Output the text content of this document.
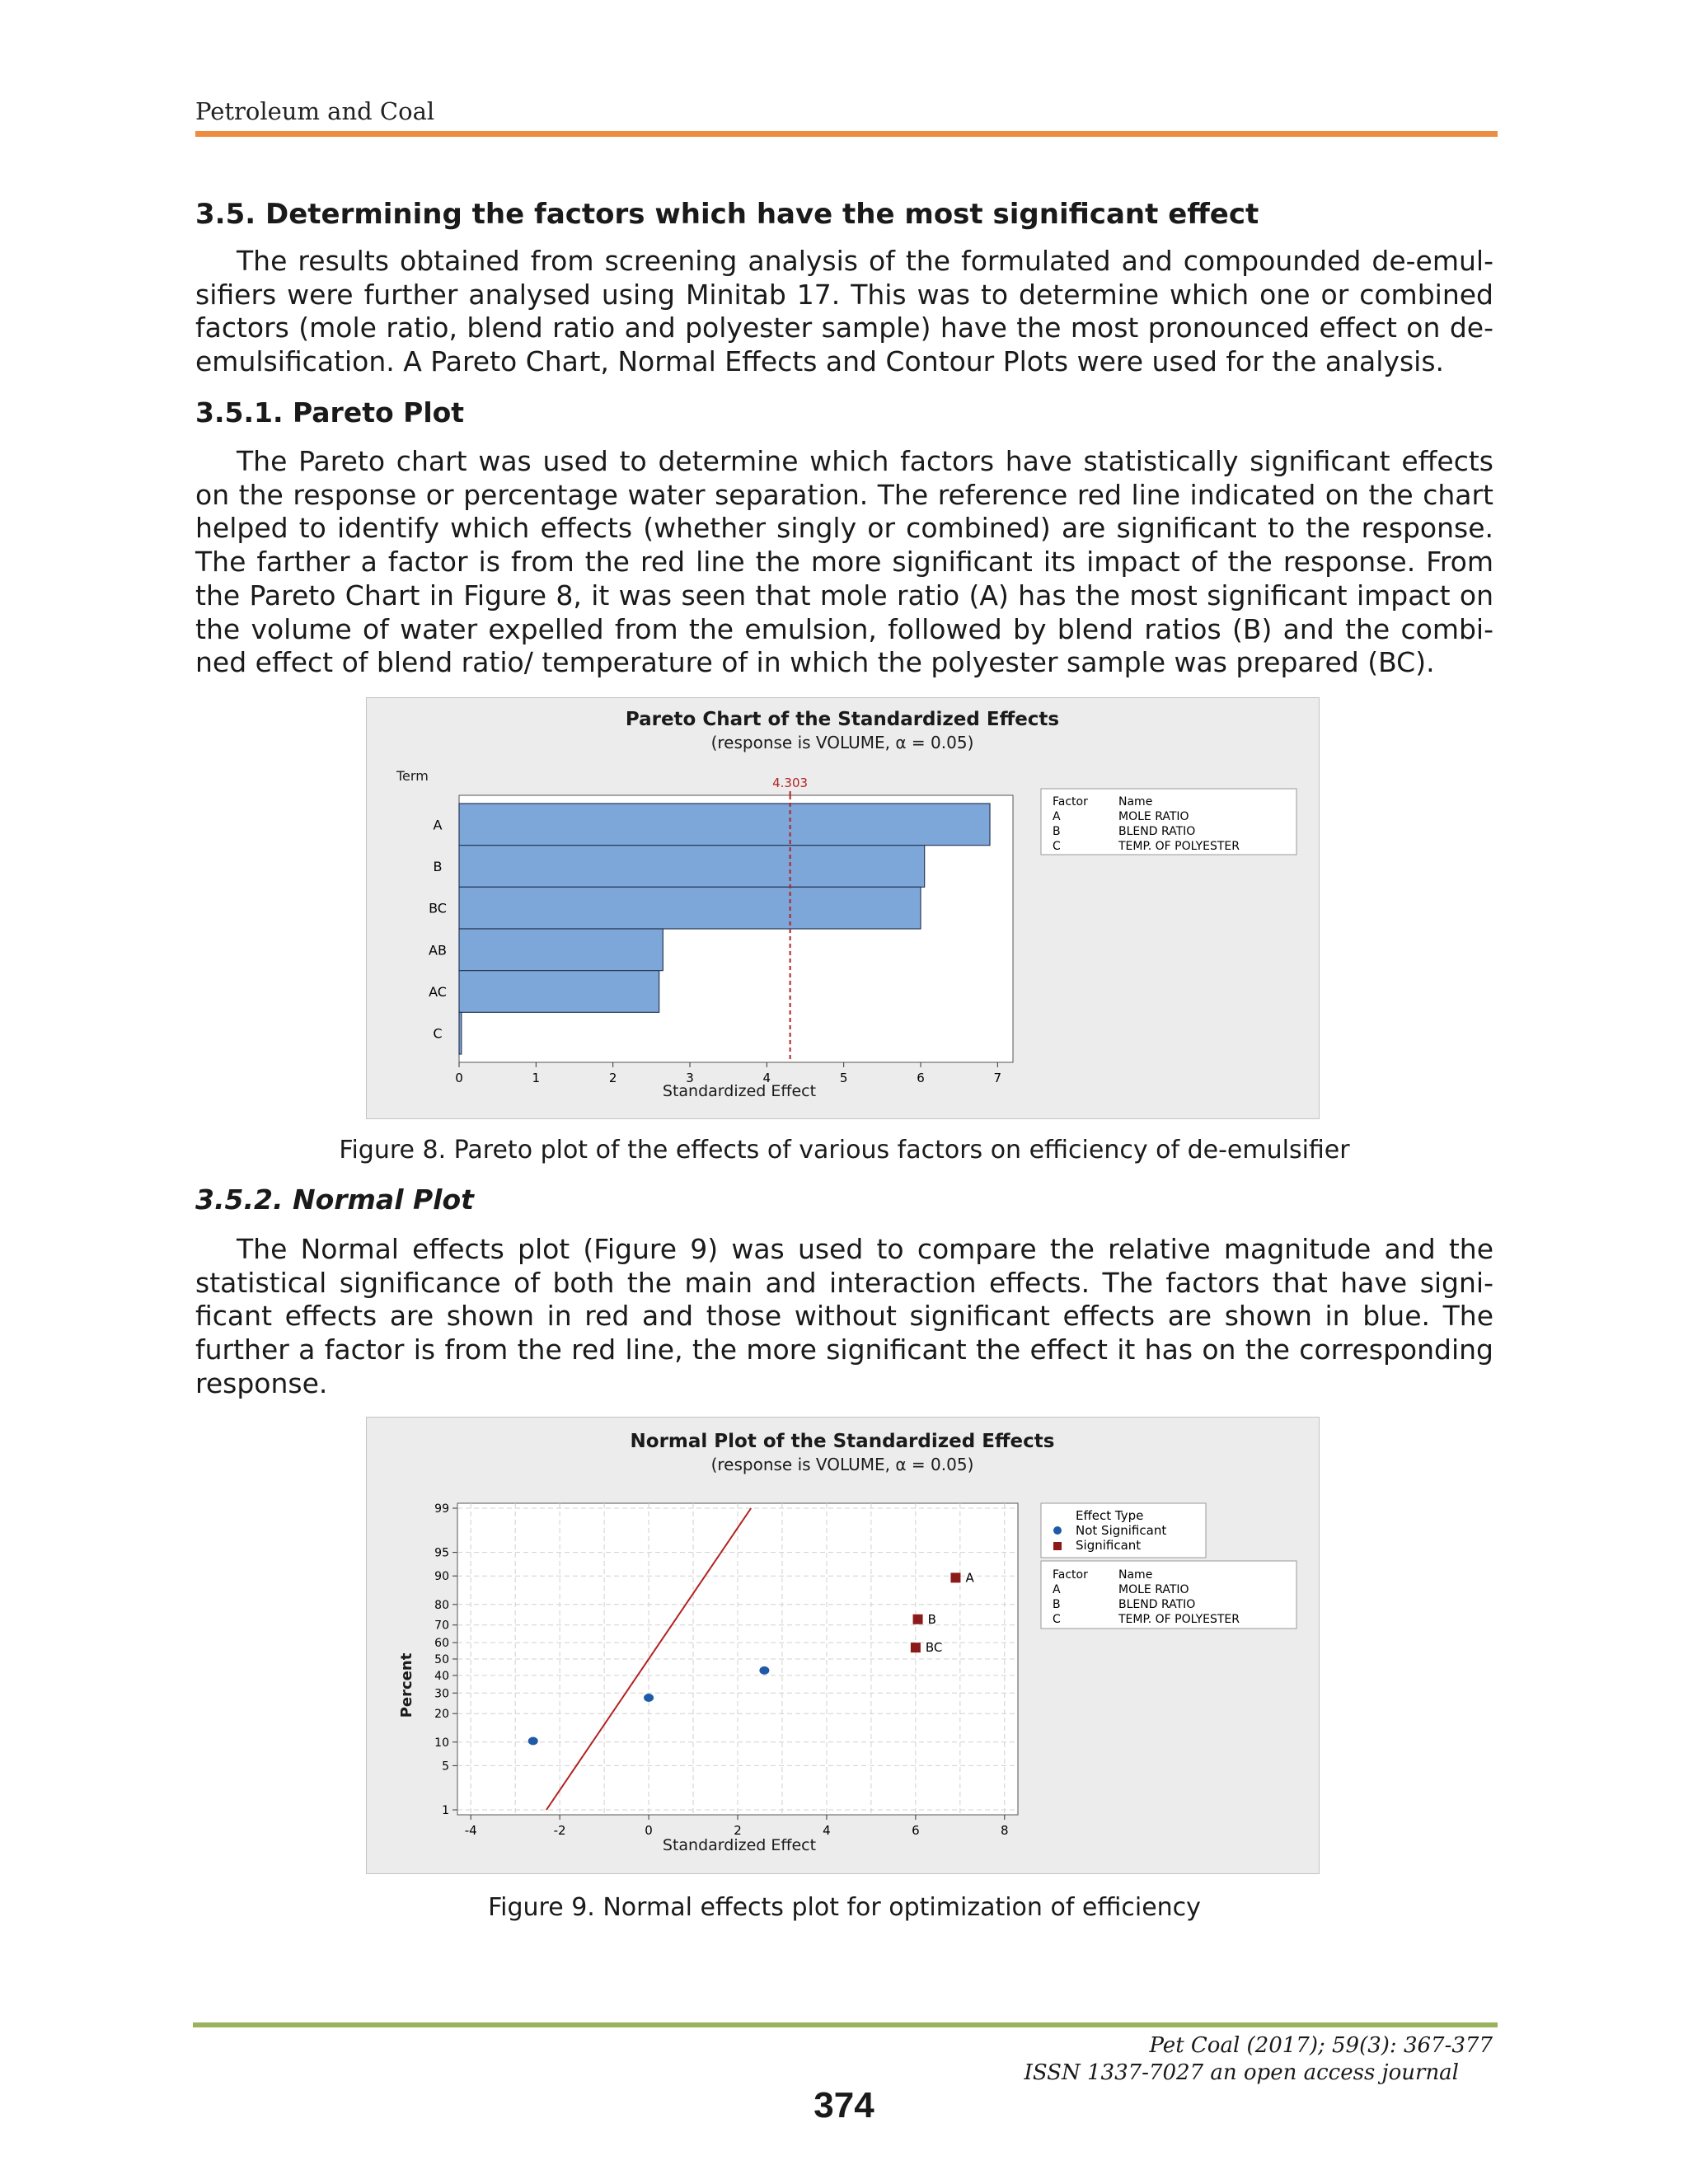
Petroleum and Coal
3.5. Determining the factors which have the most significant effect
The results obtained from screening analysis of the formulated and compounded de-emul-sifiers were further analysed using Minitab 17. This was to determine which one or combined factors (mole ratio, blend ratio and polyester sample) have the most pronounced effect on de-emulsification. A Pareto Chart, Normal Effects and Contour Plots were used for the analysis.
3.5.1. Pareto Plot
The Pareto chart was used to determine which factors have statistically significant effects on the response or percentage water separation. The reference red line indicated on the chart helped to identify which effects (whether singly or combined) are significant to the response. The farther a factor is from the red line the more significant its impact of the response. From the Pareto Chart in Figure 8, it was seen that mole ratio (A) has the most significant impact on the volume of water expelled from the emulsion, followed by blend ratios (B) and the combi-ned effect of blend ratio/ temperature of in which the polyester sample was prepared (BC).
Pareto Chart of the Standardized Effects
(response is VOLUME, α = 0.05)
Term	4.303
0	1	2	3	4	5	6	7
A
B
BC
AB
AC
C
Standardized Effect
Factor	Name
A	MOLE RATIO
B	BLEND RATIO
C	TEMP. OF POLYESTER
Figure 8. Pareto plot of the effects of various factors on efficiency of de-emulsifier
3.5.2. Normal Plot
The Normal effects plot (Figure 9) was used to compare the relative magnitude and the statistical significance of both the main and interaction effects. The factors that have signi-ficant effects are shown in red and those without significant effects are shown in blue. The further a factor is from the red line, the more significant the effect it has on the corresponding response.
Normal Plot of the Standardized Effects
(response is VOLUME, α = 0.05)
Percent
-4	-2	0	2	4	6	8
1
5
10
20
30
40
50
60
70
80
90
95
99
BC
B
A
Standardized Effect
Effect Type
Not Significant
Significant
Factor	Name
A	MOLE RATIO
B	BLEND RATIO
C	TEMP. OF POLYESTER
Figure 9. Normal effects plot for optimization of efficiency
Pet Coal (2017); 59(3): 367-377
ISSN 1337-7027 an open access journal
374
